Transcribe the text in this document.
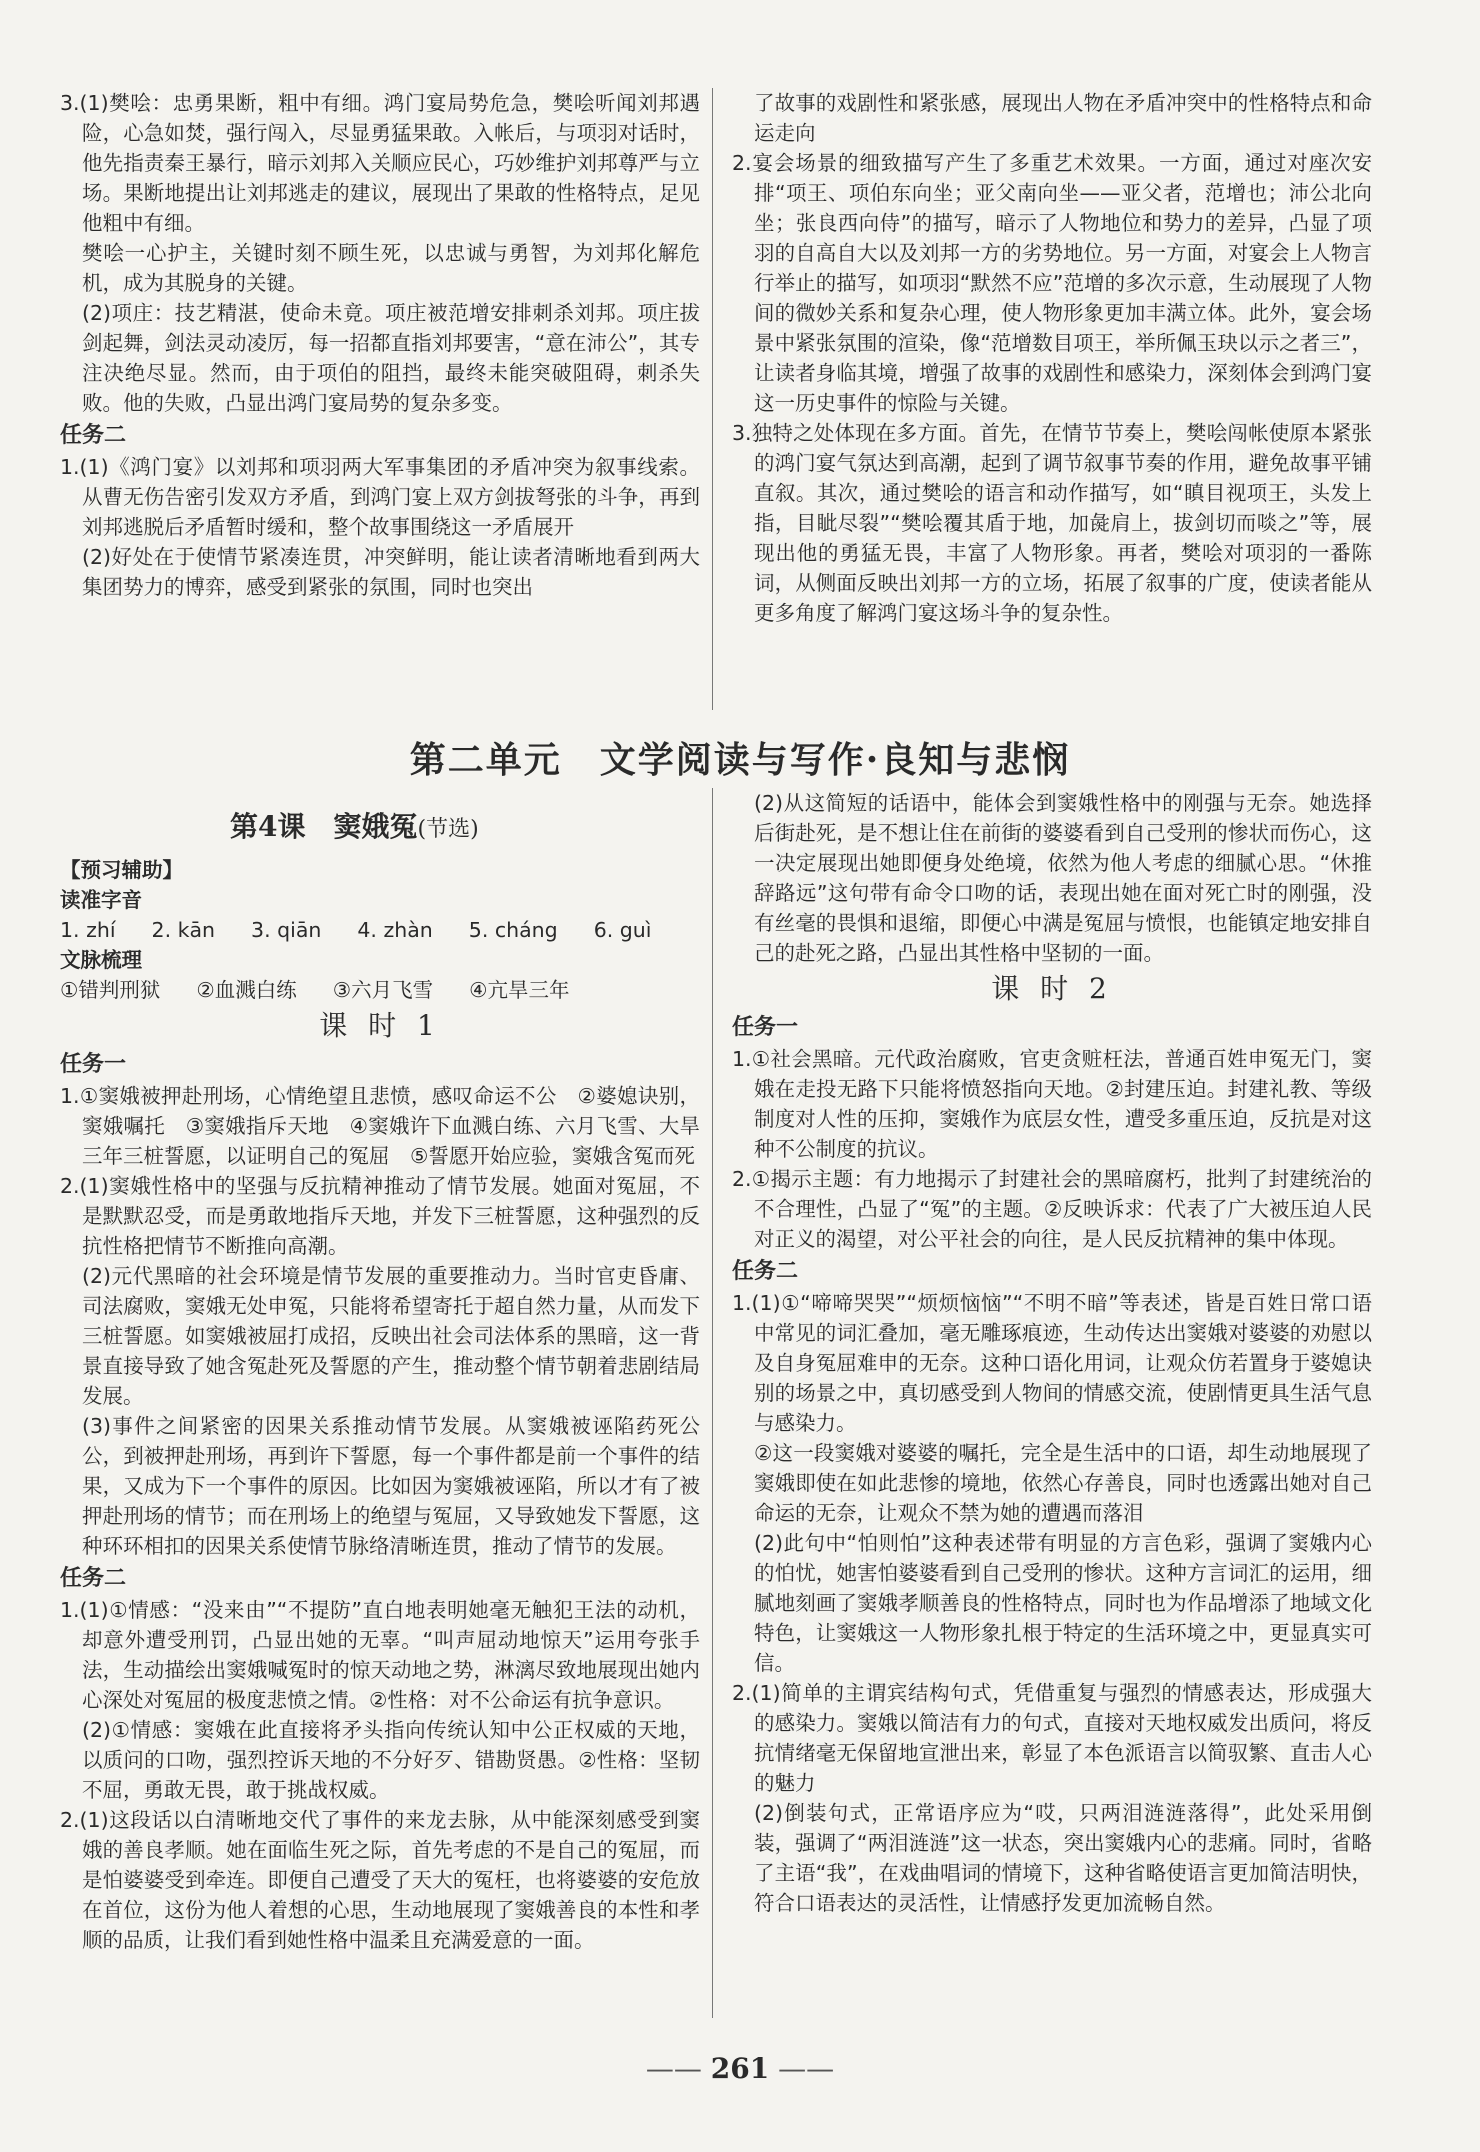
3.(1)樊哙：忠勇果断，粗中有细。鸿门宴局势危急，樊哙听闻刘邦遇险，心急如焚，强行闯入，尽显勇猛果敢。入帐后，与项羽对话时，他先指责秦王暴行，暗示刘邦入关顺应民心，巧妙维护刘邦尊严与立场。果断地提出让刘邦逃走的建议，展现出了果敢的性格特点，足见他粗中有细。
樊哙一心护主，关键时刻不顾生死，以忠诚与勇智，为刘邦化解危机，成为其脱身的关键。
(2)项庄：技艺精湛，使命未竟。项庄被范增安排刺杀刘邦。项庄拔剑起舞，剑法灵动凌厉，每一招都直指刘邦要害，“意在沛公”，其专注决绝尽显。然而，由于项伯的阻挡，最终未能突破阻碍，刺杀失败。他的失败，凸显出鸿门宴局势的复杂多变。
任务二
1.(1)《鸿门宴》以刘邦和项羽两大军事集团的矛盾冲突为叙事线索。从曹无伤告密引发双方矛盾，到鸿门宴上双方剑拔弩张的斗争，再到刘邦逃脱后矛盾暂时缓和，整个故事围绕这一矛盾展开
(2)好处在于使情节紧凑连贯，冲突鲜明，能让读者清晰地看到两大集团势力的博弈，感受到紧张的氛围，同时也突出
了故事的戏剧性和紧张感，展现出人物在矛盾冲突中的性格特点和命运走向
2.宴会场景的细致描写产生了多重艺术效果。一方面，通过对座次安排“项王、项伯东向坐；亚父南向坐——亚父者，范增也；沛公北向坐；张良西向侍”的描写，暗示了人物地位和势力的差异，凸显了项羽的自高自大以及刘邦一方的劣势地位。另一方面，对宴会上人物言行举止的描写，如项羽“默然不应”范增的多次示意，生动展现了人物间的微妙关系和复杂心理，使人物形象更加丰满立体。此外，宴会场景中紧张氛围的渲染，像“范增数目项王，举所佩玉玦以示之者三”，让读者身临其境，增强了故事的戏剧性和感染力，深刻体会到鸿门宴这一历史事件的惊险与关键。
3.独特之处体现在多方面。首先，在情节节奏上，樊哙闯帐使原本紧张的鸿门宴气氛达到高潮，起到了调节叙事节奏的作用，避免故事平铺直叙。其次，通过樊哙的语言和动作描写，如“瞋目视项王，头发上指，目眦尽裂”“樊哙覆其盾于地，加彘肩上，拔剑切而啖之”等，展现出他的勇猛无畏，丰富了人物形象。再者，樊哙对项羽的一番陈词，从侧面反映出刘邦一方的立场，拓展了叙事的广度，使读者能从更多角度了解鸿门宴这场斗争的复杂性。
第二单元　文学阅读与写作·良知与悲悯
第4课　窦娥冤(节选)
【预习辅助】
读准字音
1. zhí 2. kān 3. qiān 4. zhàn 5. cháng 6. guì
文脉梳理
①错判刑狱 ②血溅白练 ③六月飞雪 ④亢旱三年
课 时 1
任务一
1.①窦娥被押赴刑场，心情绝望且悲愤，感叹命运不公　②婆媳诀别，窦娥嘱托　③窦娥指斥天地　④窦娥许下血溅白练、六月飞雪、大旱三年三桩誓愿，以证明自己的冤屈　⑤誓愿开始应验，窦娥含冤而死
2.(1)窦娥性格中的坚强与反抗精神推动了情节发展。她面对冤屈，不是默默忍受，而是勇敢地指斥天地，并发下三桩誓愿，这种强烈的反抗性格把情节不断推向高潮。
(2)元代黑暗的社会环境是情节发展的重要推动力。当时官吏昏庸、司法腐败，窦娥无处申冤，只能将希望寄托于超自然力量，从而发下三桩誓愿。如窦娥被屈打成招，反映出社会司法体系的黑暗，这一背景直接导致了她含冤赴死及誓愿的产生，推动整个情节朝着悲剧结局发展。
(3)事件之间紧密的因果关系推动情节发展。从窦娥被诬陷药死公公，到被押赴刑场，再到许下誓愿，每一个事件都是前一个事件的结果，又成为下一个事件的原因。比如因为窦娥被诬陷，所以才有了被押赴刑场的情节；而在刑场上的绝望与冤屈，又导致她发下誓愿，这种环环相扣的因果关系使情节脉络清晰连贯，推动了情节的发展。
任务二
1.(1)①情感：“没来由”“不提防”直白地表明她毫无触犯王法的动机，却意外遭受刑罚，凸显出她的无辜。“叫声屈动地惊天”运用夸张手法，生动描绘出窦娥喊冤时的惊天动地之势，淋漓尽致地展现出她内心深处对冤屈的极度悲愤之情。②性格：对不公命运有抗争意识。
(2)①情感：窦娥在此直接将矛头指向传统认知中公正权威的天地，以质问的口吻，强烈控诉天地的不分好歹、错勘贤愚。②性格：坚韧不屈，勇敢无畏，敢于挑战权威。
2.(1)这段话以白清晰地交代了事件的来龙去脉，从中能深刻感受到窦娥的善良孝顺。她在面临生死之际，首先考虑的不是自己的冤屈，而是怕婆婆受到牵连。即便自己遭受了天大的冤枉，也将婆婆的安危放在首位，这份为他人着想的心思，生动地展现了窦娥善良的本性和孝顺的品质，让我们看到她性格中温柔且充满爱意的一面。
(2)从这简短的话语中，能体会到窦娥性格中的刚强与无奈。她选择后街赴死，是不想让住在前街的婆婆看到自己受刑的惨状而伤心，这一决定展现出她即便身处绝境，依然为他人考虑的细腻心思。“休推辞路远”这句带有命令口吻的话，表现出她在面对死亡时的刚强，没有丝毫的畏惧和退缩，即便心中满是冤屈与愤恨，也能镇定地安排自己的赴死之路，凸显出其性格中坚韧的一面。
课 时 2
任务一
1.①社会黑暗。元代政治腐败，官吏贪赃枉法，普通百姓申冤无门，窦娥在走投无路下只能将愤怒指向天地。②封建压迫。封建礼教、等级制度对人性的压抑，窦娥作为底层女性，遭受多重压迫，反抗是对这种不公制度的抗议。
2.①揭示主题：有力地揭示了封建社会的黑暗腐朽，批判了封建统治的不合理性，凸显了“冤”的主题。②反映诉求：代表了广大被压迫人民对正义的渴望，对公平社会的向往，是人民反抗精神的集中体现。
任务二
1.(1)①“啼啼哭哭”“烦烦恼恼”“不明不暗”等表述，皆是百姓日常口语中常见的词汇叠加，毫无雕琢痕迹，生动传达出窦娥对婆婆的劝慰以及自身冤屈难申的无奈。这种口语化用词，让观众仿若置身于婆媳诀别的场景之中，真切感受到人物间的情感交流，使剧情更具生活气息与感染力。
②这一段窦娥对婆婆的嘱托，完全是生活中的口语，却生动地展现了窦娥即使在如此悲惨的境地，依然心存善良，同时也透露出她对自己命运的无奈，让观众不禁为她的遭遇而落泪
(2)此句中“怕则怕”这种表述带有明显的方言色彩，强调了窦娥内心的怕忧，她害怕婆婆看到自己受刑的惨状。这种方言词汇的运用，细腻地刻画了窦娥孝顺善良的性格特点，同时也为作品增添了地域文化特色，让窦娥这一人物形象扎根于特定的生活环境之中，更显真实可信。
2.(1)简单的主谓宾结构句式，凭借重复与强烈的情感表达，形成强大的感染力。窦娥以简洁有力的句式，直接对天地权威发出质问，将反抗情绪毫无保留地宣泄出来，彰显了本色派语言以简驭繁、直击人心的魅力
(2)倒装句式，正常语序应为“哎，只两泪涟涟落得”，此处采用倒装，强调了“两泪涟涟”这一状态，突出窦娥内心的悲痛。同时，省略了主语“我”，在戏曲唱词的情境下，这种省略使语言更加简洁明快，符合口语表达的灵活性，让情感抒发更加流畅自然。
—— 261 ——
